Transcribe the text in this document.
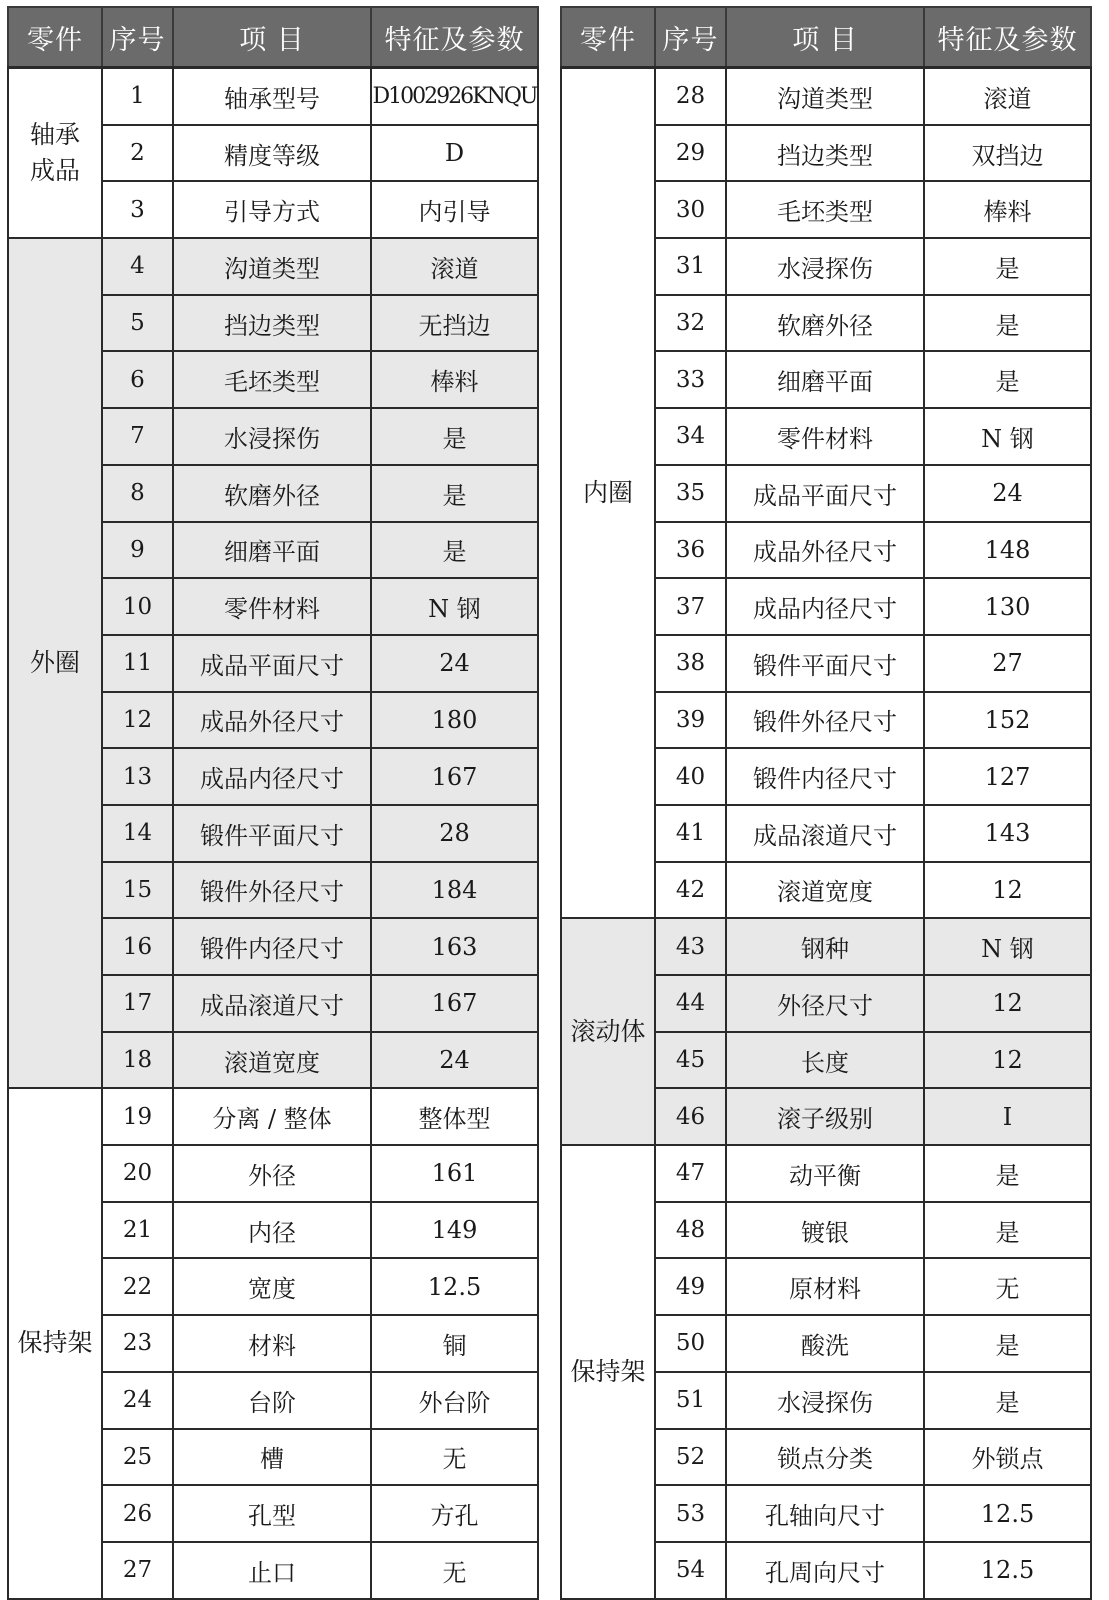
零件	序号	项 目	特征及参数
轴承
成品	1	轴承型号	D1002926KNQU
	2	精度等级	D
	3	引导方式	内引导
外圈	4	沟道类型	滚道
	5	挡边类型	无挡边
	6	毛坯类型	棒料
	7	水浸探伤	是
	8	软磨外径	是
	9	细磨平面	是
	10	零件材料	N 钢
	11	成品平面尺寸	24
	12	成品外径尺寸	180
	13	成品内径尺寸	167
	14	锻件平面尺寸	28
	15	锻件外径尺寸	184
	16	锻件内径尺寸	163
	17	成品滚道尺寸	167
	18	滚道宽度	24
保持架	19	分离 / 整体	整体型
	20	外径	161
	21	内径	149
	22	宽度	12.5
	23	材料	铜
	24	台阶	外台阶
	25	槽	无
	26	孔型	方孔
	27	止口	无
零件	序号	项 目	特征及参数
内圈	28	沟道类型	滚道
	29	挡边类型	双挡边
	30	毛坯类型	棒料
	31	水浸探伤	是
	32	软磨外径	是
	33	细磨平面	是
	34	零件材料	N 钢
	35	成品平面尺寸	24
	36	成品外径尺寸	148
	37	成品内径尺寸	130
	38	锻件平面尺寸	27
	39	锻件外径尺寸	152
	40	锻件内径尺寸	127
	41	成品滚道尺寸	143
	42	滚道宽度	12
滚动体	43	钢种	N 钢
	44	外径尺寸	12
	45	长度	12
	46	滚子级别	I
保持架	47	动平衡	是
	48	镀银	是
	49	原材料	无
	50	酸洗	是
	51	水浸探伤	是
	52	锁点分类	外锁点
	53	孔轴向尺寸	12.5
	54	孔周向尺寸	12.5
